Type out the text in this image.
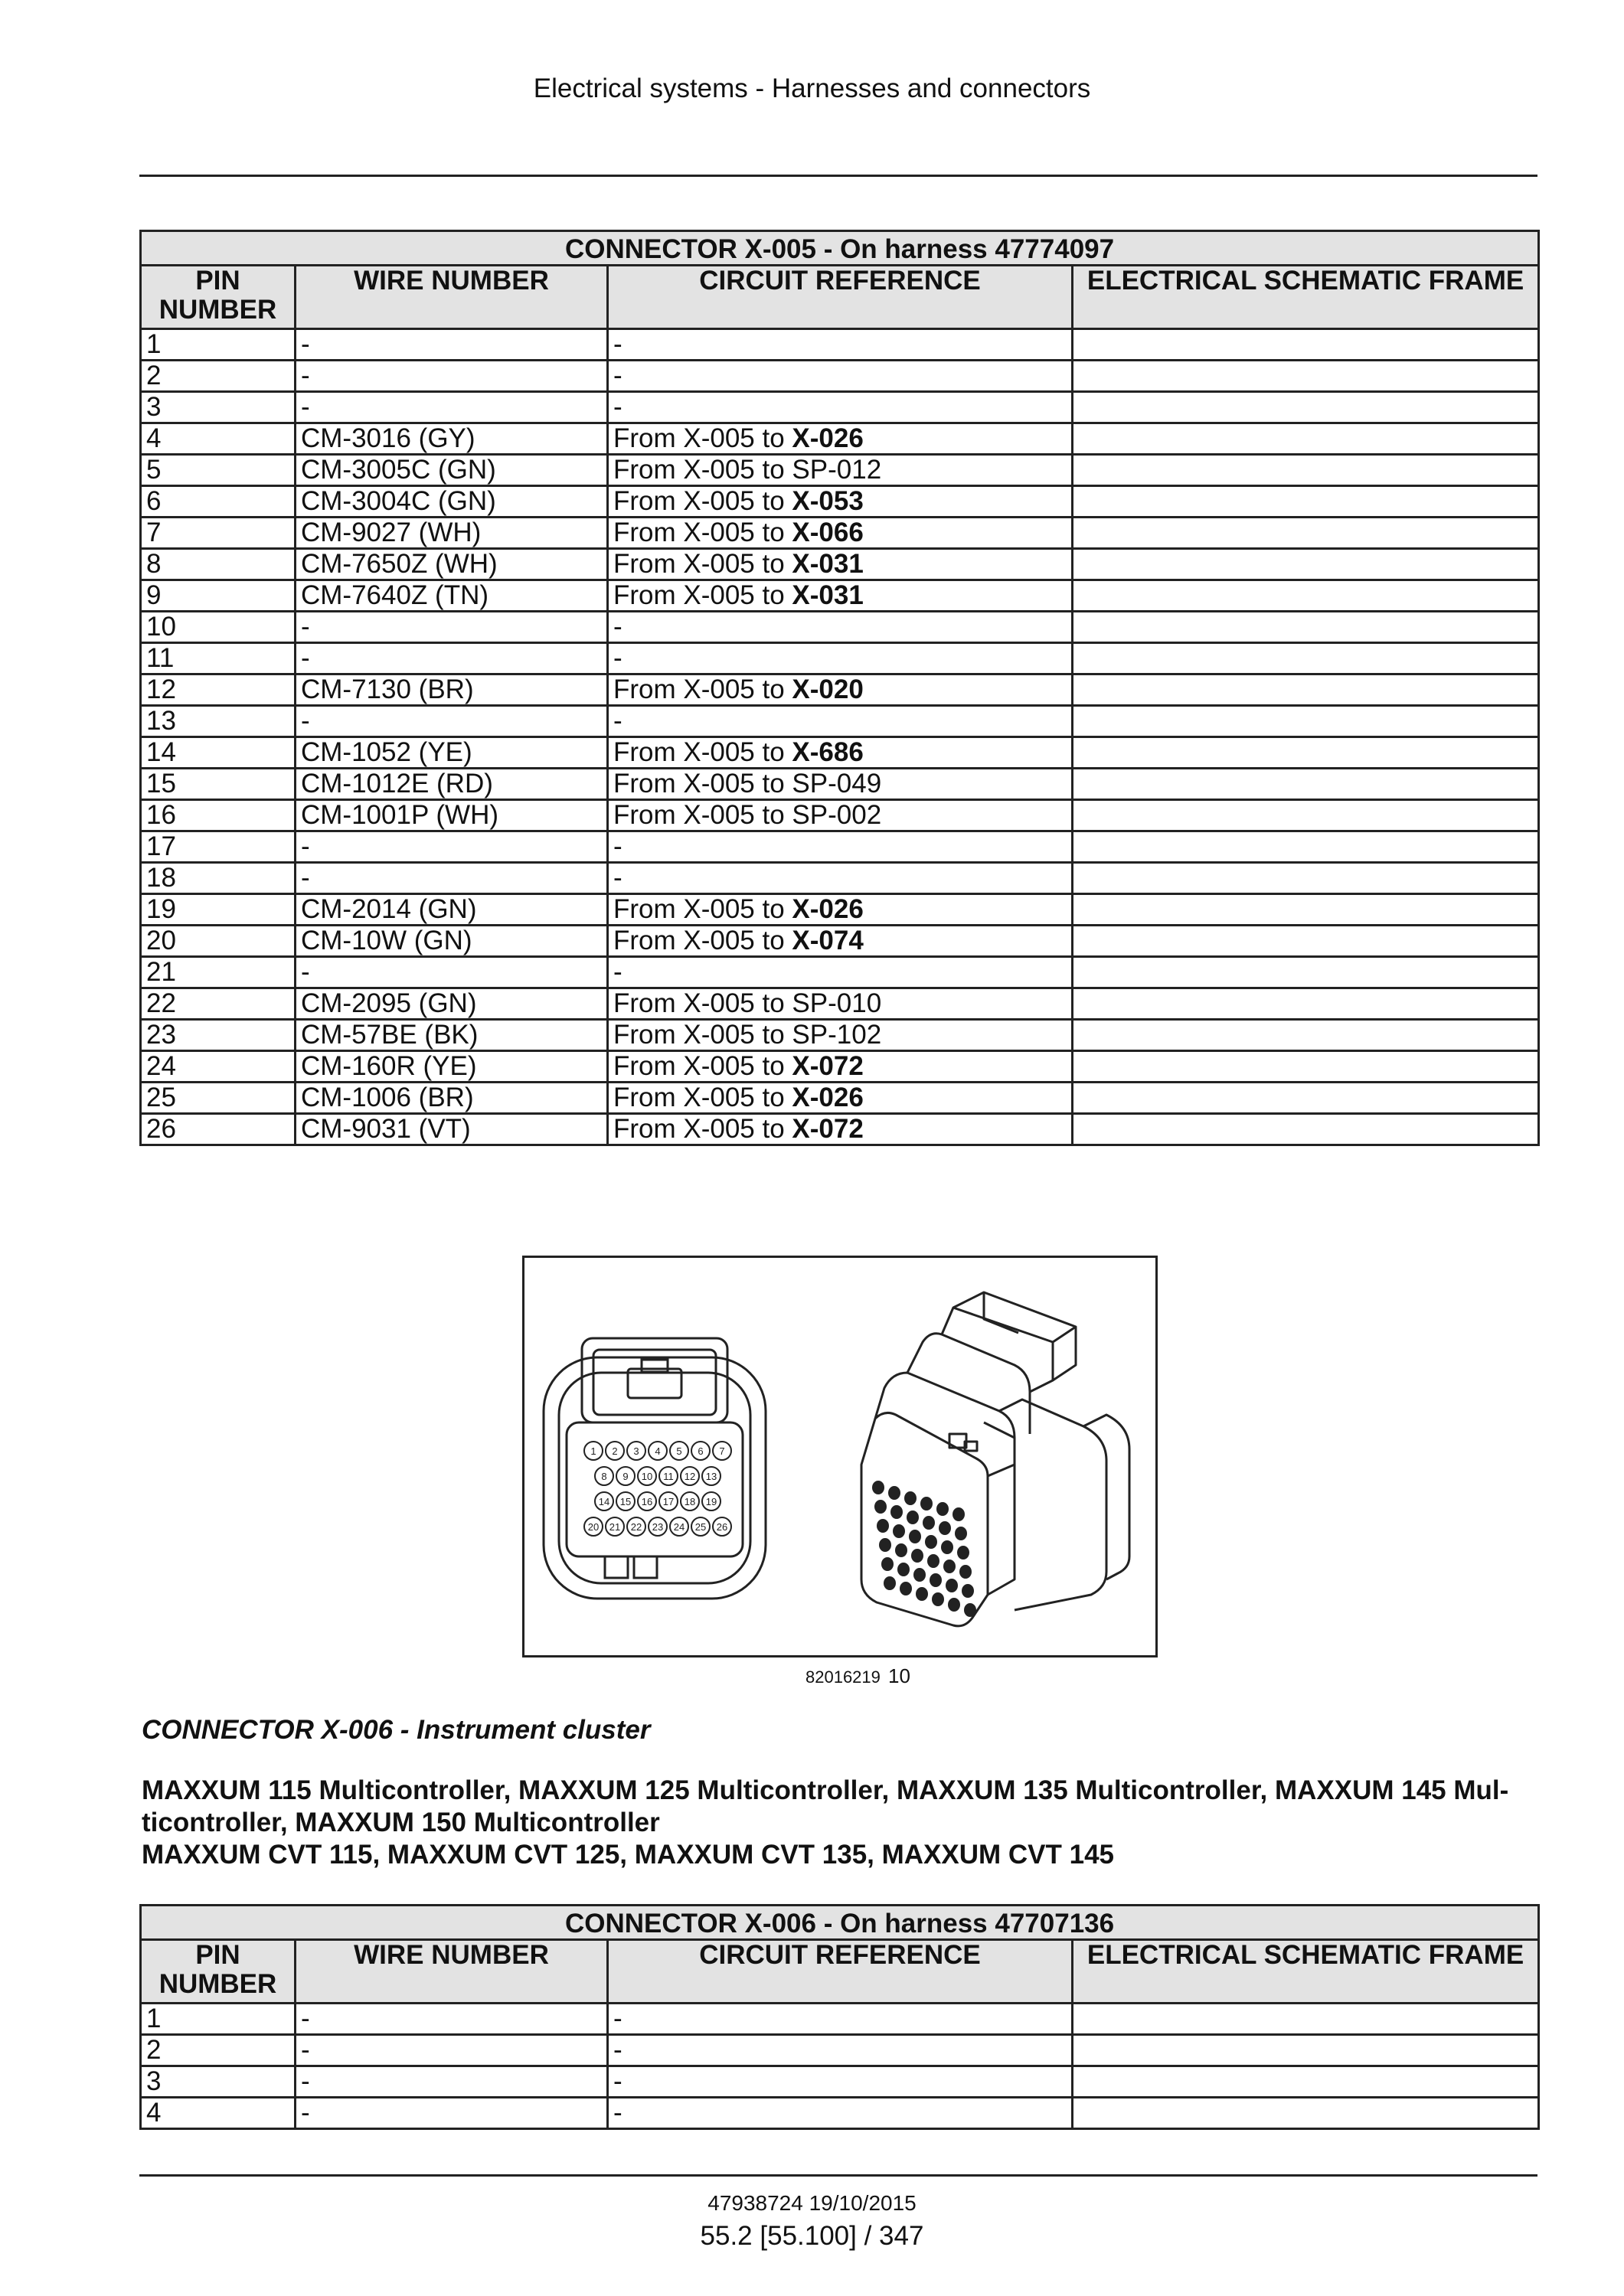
Electrical systems - Harnesses and connectors
CONNECTOR X-005 - On harness 47774097			
PIN NUMBER	WIRE NUMBER	CIRCUIT REFERENCE	ELECTRICAL SCHEMATIC FRAME
1	-	-	
2	-	-	
3	-	-	
4	CM-3016 (GY)	From X-005 to X-026	
5	CM-3005C (GN)	From X-005 to SP-012	
6	CM-3004C (GN)	From X-005 to X-053	
7	CM-9027 (WH)	From X-005 to X-066	
8	CM-7650Z (WH)	From X-005 to X-031	
9	CM-7640Z (TN)	From X-005 to X-031	
10	-	-	
11	-	-	
12	CM-7130 (BR)	From X-005 to X-020	
13	-	-	
14	CM-1052 (YE)	From X-005 to X-686	
15	CM-1012E (RD)	From X-005 to SP-049	
16	CM-1001P (WH)	From X-005 to SP-002	
17	-	-	
18	-	-	
19	CM-2014 (GN)	From X-005 to X-026	
20	CM-10W (GN)	From X-005 to X-074	
21	-	-	
22	CM-2095 (GN)	From X-005 to SP-010	
23	CM-57BE (BK)	From X-005 to SP-102	
24	CM-160R (YE)	From X-005 to X-072	
25	CM-1006 (BR)	From X-005 to X-026	
26	CM-9031 (VT)	From X-005 to X-072	
1 2 3 4 5 6 7
8 9 10 11 12 13
14 15 16 17 18 19
20 21 22 23 24 25 26
82016219 10
CONNECTOR X-006 - Instrument cluster
MAXXUM 115 Multicontroller, MAXXUM 125 Multicontroller, MAXXUM 135 Multicontroller, MAXXUM 145 Mul-
ticontroller, MAXXUM 150 Multicontroller
MAXXUM CVT 115, MAXXUM CVT 125, MAXXUM CVT 135, MAXXUM CVT 145
CONNECTOR X-006 - On harness 47707136			
PIN NUMBER	WIRE NUMBER	CIRCUIT REFERENCE	ELECTRICAL SCHEMATIC FRAME
1	-	-	
2	-	-	
3	-	-	
4	-	-	
47938724 19/10/2015
55.2 [55.100] / 347
